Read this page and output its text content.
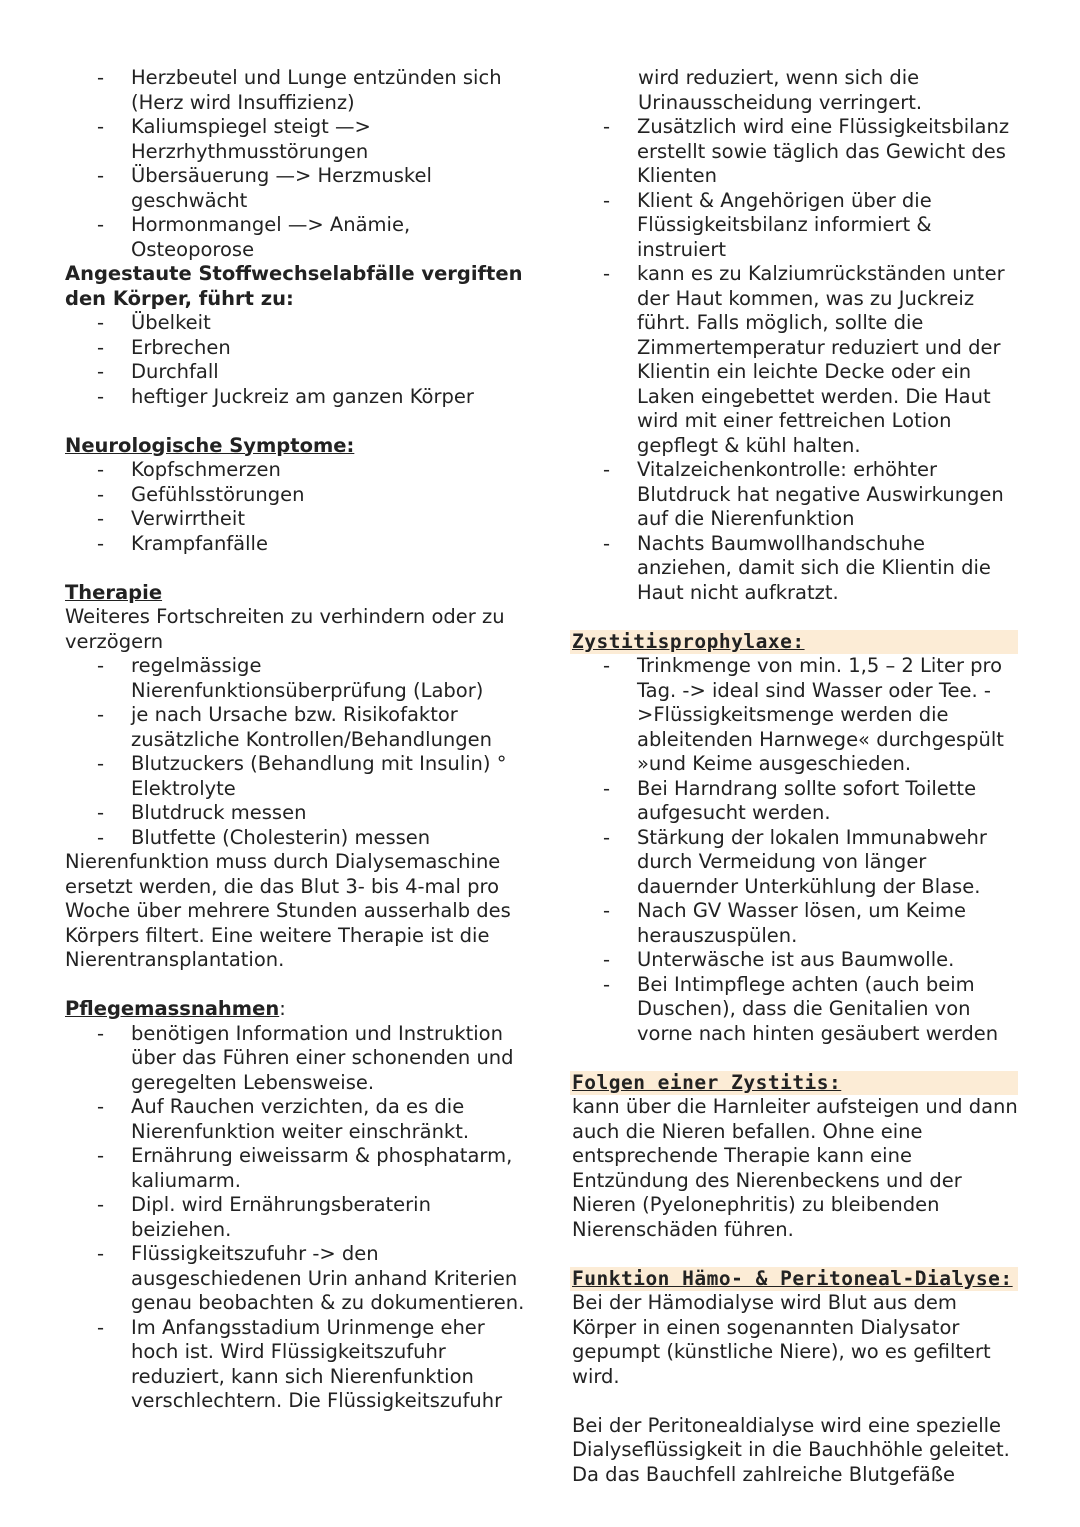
- Herzbeutel und Lunge entzünden sich (Herz wird Insuffizienz)
- Kaliumspiegel steigt —> Herzrhythmusstörungen
- Übersäuerung —> Herzmuskel geschwächt
- Hormonmangel —> Anämie, Osteoporose

Angestaute Stoffwechselabfälle vergiften den Körper, führt zu:

- Übelkeit
- Erbrechen
- Durchfall
- heftiger Juckreiz am ganzen Körper
Neurologische Symptome:
- Kopfschmerzen
- Gefühlsstörungen
- Verwirrtheit
- Krampfanfälle
Therapie

Weiteres Fortschreiten zu verhindern oder zu verzögern

- regelmässige Nierenfunktionsüberprüfung (Labor)
- je nach Ursache bzw. Risikofaktor zusätzliche Kontrollen/Behandlungen
- Blutzuckers (Behandlung mit Insulin) ° Elektrolyte
- Blutdruck messen
- Blutfette (Cholesterin) messen

Nierenfunktion muss durch Dialysemaschine ersetzt werden, die das Blut 3- bis 4-mal pro Woche über mehrere Stunden ausserhalb des Körpers filtert. Eine weitere Therapie ist die Nierentransplantation.

Pflegemassnahmen:
- benötigen Information und Instruktion über das Führen einer schonenden und geregelten Lebensweise.
- Auf Rauchen verzichten, da es die Nierenfunktion weiter einschränkt.
- Ernährung eiweissarm & phosphatarm, kaliumarm.
- Dipl. wird Ernährungsberaterin beiziehen.
- Flüssigkeitszufuhr -> den ausgeschiedenen Urin anhand Kriterien genau beobachten & zu dokumentieren.
- Im Anfangsstadium Urinmenge eher hoch ist. Wird Flüssigkeitszufuhr reduziert, kann sich Nierenfunktion verschlechtern. Die Flüssigkeitszufuhr

wird reduziert, wenn sich die Urinausscheidung verringert.

- Zusätzlich wird eine Flüssigkeitsbilanz erstellt sowie täglich das Gewicht des Klienten
- Klient & Angehörigen über die Flüssigkeitsbilanz informiert & instruiert
- kann es zu Kalziumrückständen unter der Haut kommen, was zu Juckreiz führt. Falls möglich, sollte die Zimmertemperatur reduziert und der Klientin ein leichte Decke oder ein Laken eingebettet werden. Die Haut wird mit einer fettreichen Lotion gepflegt & kühl halten.
- Vitalzeichenkontrolle: erhöhter Blutdruck hat negative Auswirkungen auf die Nierenfunktion
- Nachts Baumwollhandschuhe anziehen, damit sich die Klientin die Haut nicht aufkratzt.
Zystitisprophylaxe:
- Trinkmenge von min. 1,5 – 2 Liter pro Tag. -> ideal sind Wasser oder Tee. ->Flüssigkeitsmenge werden die ableitenden Harnwege« durchgespült »und Keime ausgeschieden.
- Bei Harndrang sollte sofort Toilette aufgesucht werden.
- Stärkung der lokalen Immunabwehr durch Vermeidung von länger dauernder Unterkühlung der Blase.
- Nach GV Wasser lösen, um Keime herauszuspülen.
- Unterwäsche ist aus Baumwolle.
- Bei Intimpflege achten (auch beim Duschen), dass die Genitalien von vorne nach hinten gesäubert werden
Folgen einer Zystitis:

kann über die Harnleiter aufsteigen und dann auch die Nieren befallen. Ohne eine entsprechende Therapie kann eine Entzündung des Nierenbeckens und der Nieren (Pyelonephritis) zu bleibenden Nierenschäden führen.

Funktion Hämo- & Peritoneal-Dialyse:

Bei der Hämodialyse wird Blut aus dem Körper in einen sogenannten Dialysator gepumpt (künstliche Niere), wo es gefiltert wird.

Bei der Peritonealdialyse wird eine spezielle Dialyseflüssigkeit in die Bauchhöhle geleitet. Da das Bauchfell zahlreiche Blutgefäße
